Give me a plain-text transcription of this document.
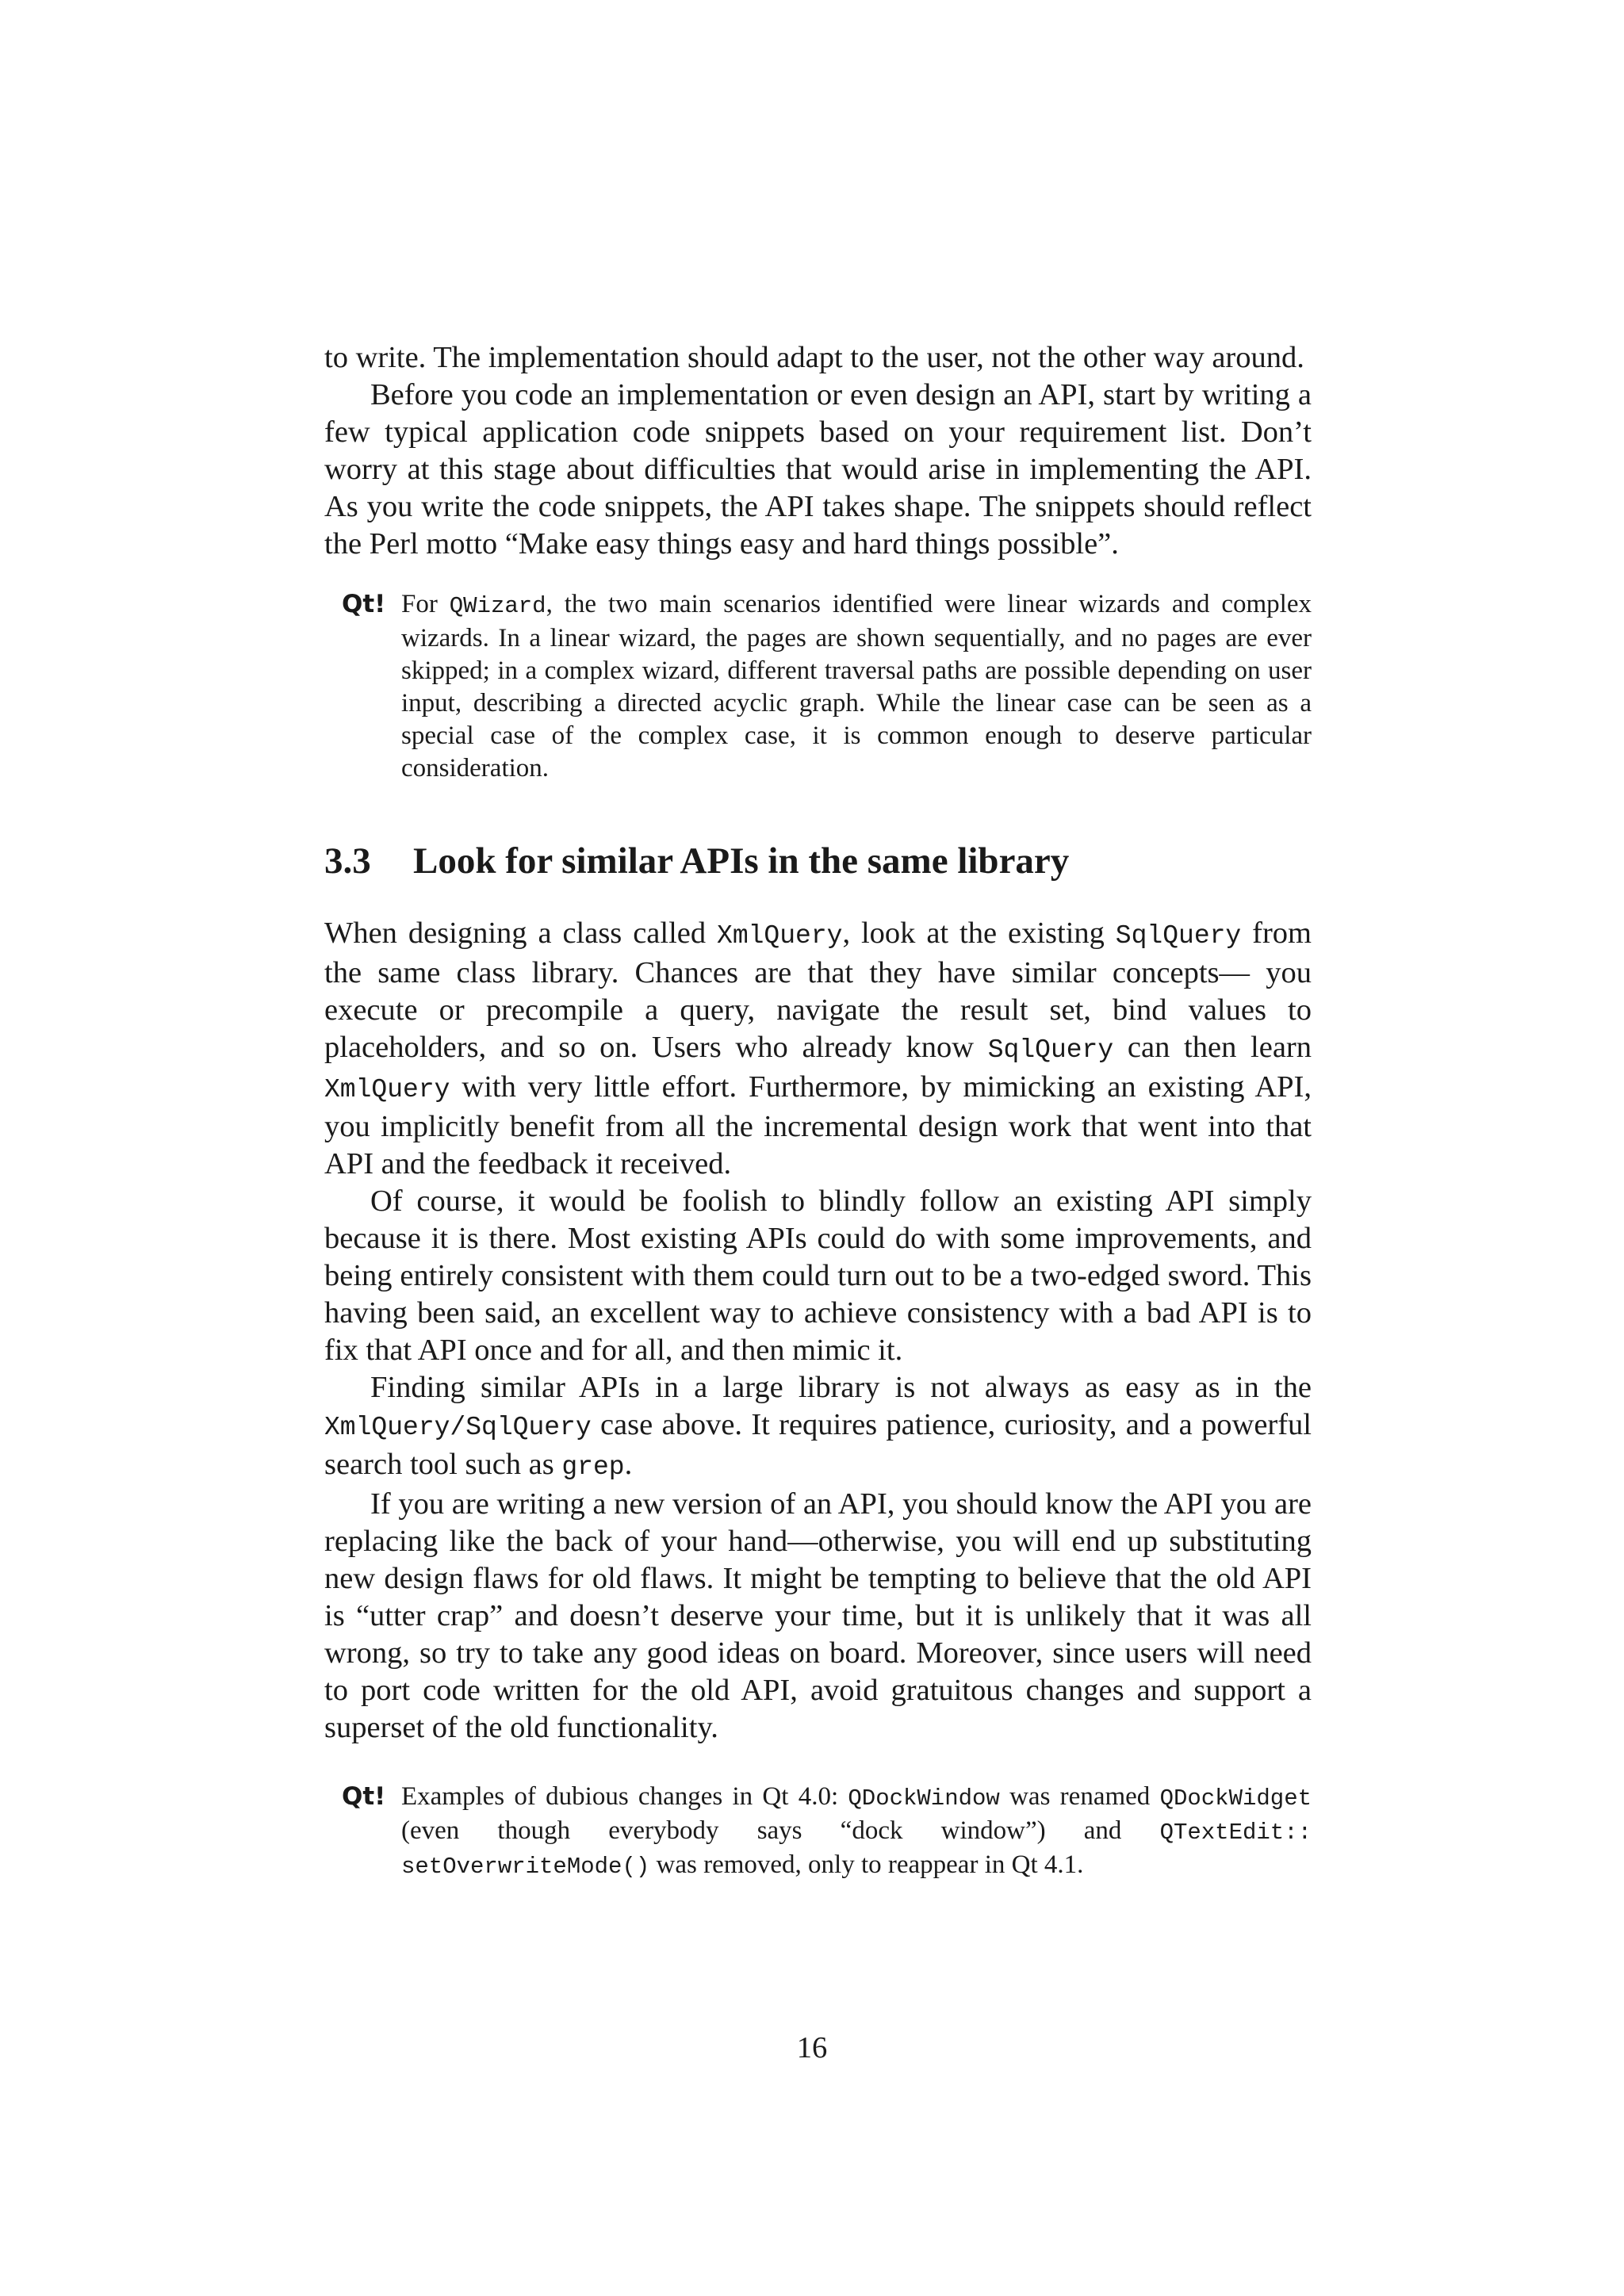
to write. The implementation should adapt to the user, not the other way around.

Before you code an implementation or even design an API, start by writing a few typical application code snippets based on your requirement list. Don’t worry at this stage about difficulties that would arise in implementing the API. As you write the code snippets, the API takes shape. The snippets should reflect the Perl motto “Make easy things easy and hard things possible”.

Qt! For QWizard, the two main scenarios identified were linear wizards and complex wizards. In a linear wizard, the pages are shown sequentially, and no pages are ever skipped; in a complex wizard, different traversal paths are possible depending on user input, describing a directed acyclic graph. While the linear case can be seen as a special case of the complex case, it is common enough to deserve particular consideration.
3.3 Look for similar APIs in the same library

When designing a class called XmlQuery, look at the existing SqlQuery from the same class library. Chances are that they have similar concepts— you execute or precompile a query, navigate the result set, bind values to placeholders, and so on. Users who already know SqlQuery can then learn XmlQuery with very little effort. Furthermore, by mimicking an existing API, you implicitly benefit from all the incremental design work that went into that API and the feedback it received.

Of course, it would be foolish to blindly follow an existing API simply because it is there. Most existing APIs could do with some improvements, and being entirely consistent with them could turn out to be a two-edged sword. This having been said, an excellent way to achieve consistency with a bad API is to fix that API once and for all, and then mimic it.

Finding similar APIs in a large library is not always as easy as in the XmlQuery/SqlQuery case above. It requires patience, curiosity, and a powerful search tool such as grep.

If you are writing a new version of an API, you should know the API you are replacing like the back of your hand—otherwise, you will end up substituting new design flaws for old flaws. It might be tempting to believe that the old API is “utter crap” and doesn’t deserve your time, but it is unlikely that it was all wrong, so try to take any good ideas on board. Moreover, since users will need to port code written for the old API, avoid gratuitous changes and support a superset of the old functionality.

Qt! Examples of dubious changes in Qt 4.0: QDockWindow was renamed QDockWidget (even though everybody says “dock window”) and QTextEdit::​setOverwriteMode() was removed, only to reappear in Qt 4.1.
16
